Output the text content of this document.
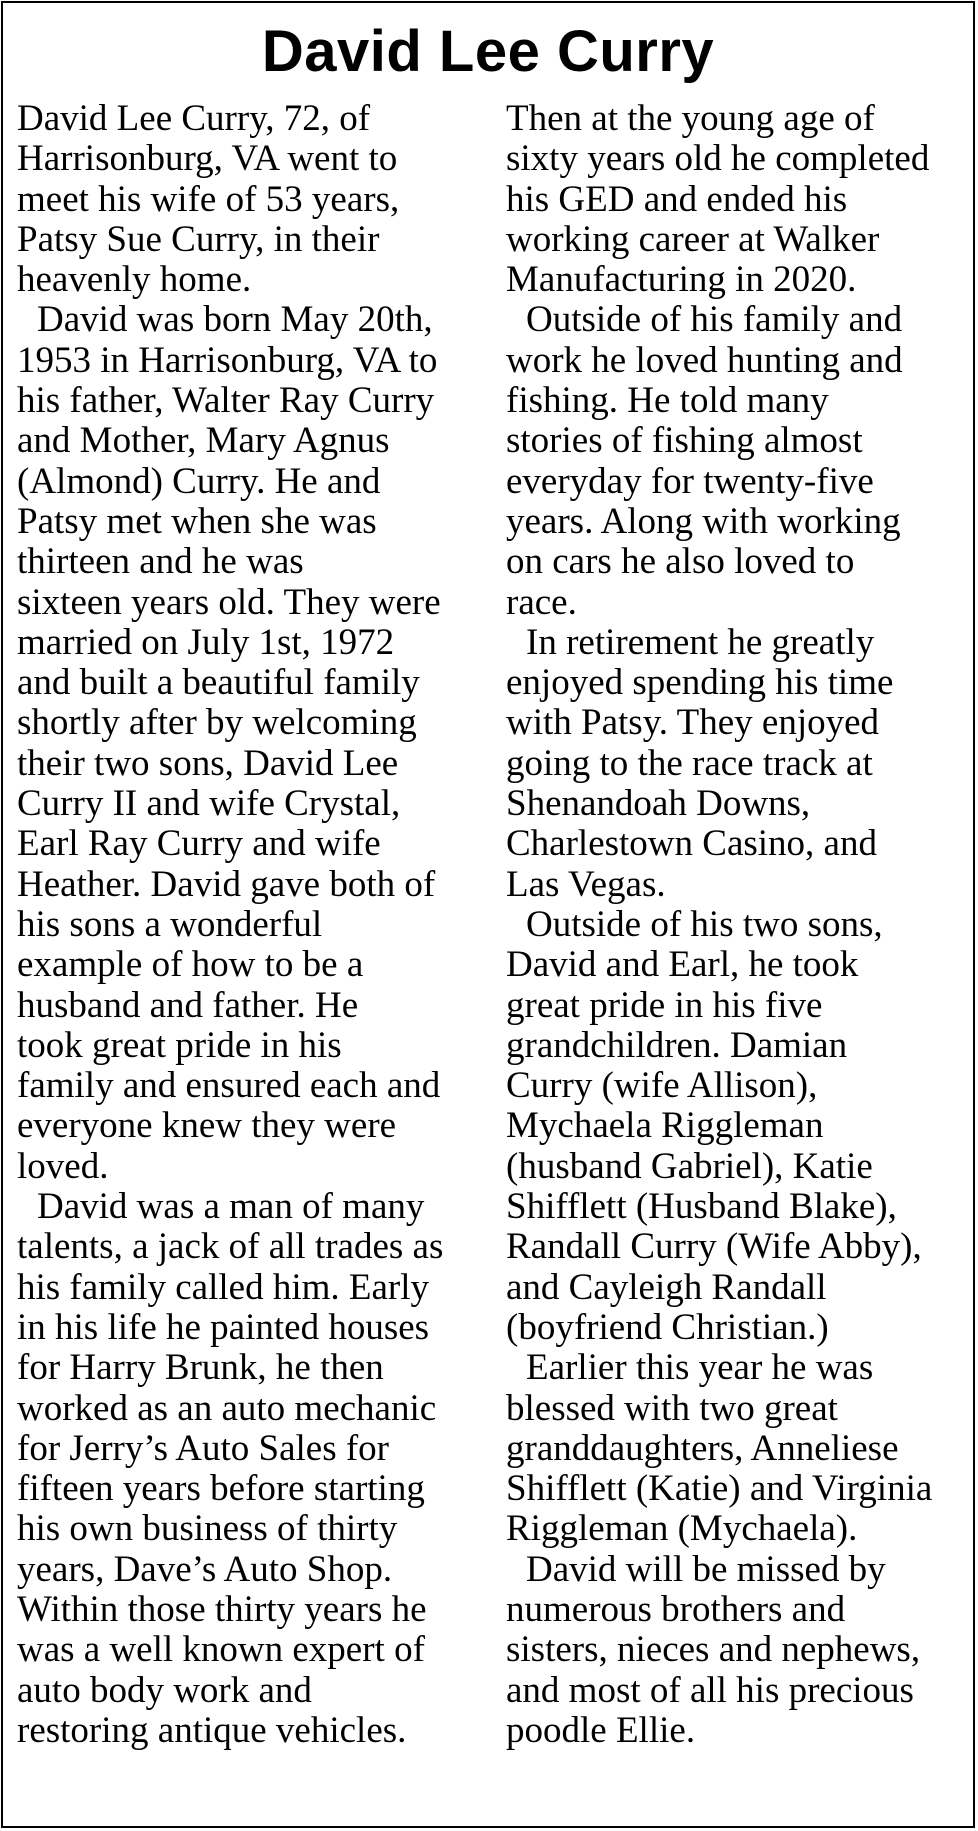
David Lee Curry
David Lee Curry, 72, of
Harrisonburg, VA went to
meet his wife of 53 years,
Patsy Sue Curry, in their
heavenly home.
David was born May 20th,
1953 in Harrisonburg, VA to
his father, Walter Ray Curry
and Mother, Mary Agnus
(Almond) Curry. He and
Patsy met when she was
thirteen and he was
sixteen years old. They were
married on July 1st, 1972
and built a beautiful family
shortly after by welcoming
their two sons, David Lee
Curry II and wife Crystal,
Earl Ray Curry and wife
Heather. David gave both of
his sons a wonderful
example of how to be a
husband and father. He
took great pride in his
family and ensured each and
everyone knew they were
loved.
David was a man of many
talents, a jack of all trades as
his family called him. Early
in his life he painted houses
for Harry Brunk, he then
worked as an auto mechanic
for Jerry’s Auto Sales for
fifteen years before starting
his own business of thirty
years, Dave’s Auto Shop.
Within those thirty years he
was a well known expert of
auto body work and
restoring antique vehicles.
Then at the young age of
sixty years old he completed
his GED and ended his
working career at Walker
Manufacturing in 2020.
Outside of his family and
work he loved hunting and
fishing. He told many
stories of fishing almost
everyday for twenty-five
years. Along with working
on cars he also loved to
race.
In retirement he greatly
enjoyed spending his time
with Patsy. They enjoyed
going to the race track at
Shenandoah Downs,
Charlestown Casino, and
Las Vegas.
Outside of his two sons,
David and Earl, he took
great pride in his five
grandchildren. Damian
Curry (wife Allison),
Mychaela Riggleman
(husband Gabriel), Katie
Shifflett (Husband Blake),
Randall Curry (Wife Abby),
and Cayleigh Randall
(boyfriend Christian.)
Earlier this year he was
blessed with two great
granddaughters, Anneliese
Shifflett (Katie) and Virginia
Riggleman (Mychaela).
David will be missed by
numerous brothers and
sisters, nieces and nephews,
and most of all his precious
poodle Ellie.
